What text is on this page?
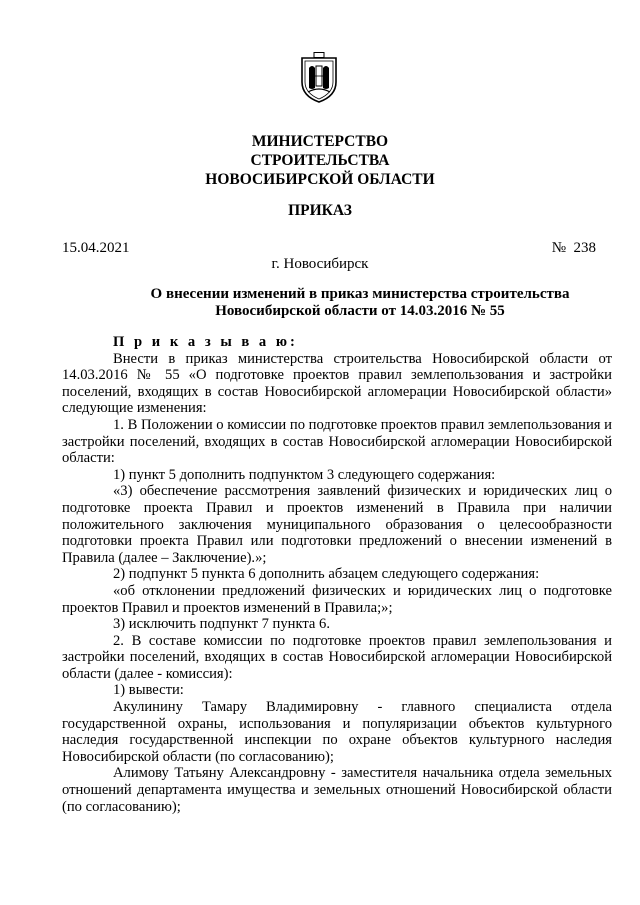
МИНИСТЕРСТВО
СТРОИТЕЛЬСТВА
НОВОСИБИРСКОЙ ОБЛАСТИ
ПРИКАЗ
15.04.2021	№  238
г. Новосибирск
О внесении изменений в приказ министерства строительства
Новосибирской области от 14.03.2016 № 55

П р и к а з ы в а ю:

Внести в приказ министерства строительства Новосибирской области от 14.03.2016 № 55 «О подготовке проектов правил землепользования и застройки поселений, входящих в состав Новосибирской агломерации Новосибирской области» следующие изменения:

1. В Положении о комиссии по подготовке проектов правил землепользования и застройки поселений, входящих в состав Новосибирской агломерации Новосибирской области:

1) пункт 5 дополнить подпунктом 3 следующего содержания:

«3) обеспечение рассмотрения заявлений физических и юридических лиц о подготовке проекта Правил и проектов изменений в Правила при наличии положительного заключения муниципального образования о целесообразности подготовки проекта Правил или подготовки предложений о внесении изменений в Правила (далее – Заключение).»;

2) подпункт 5 пункта 6 дополнить абзацем следующего содержания:

«об отклонении предложений физических и юридических лиц о подготовке проектов Правил и проектов изменений в Правила;»;

3) исключить подпункт 7 пункта 6.

2. В составе комиссии по подготовке проектов правил землепользования и застройки поселений, входящих в состав Новосибирской агломерации Новосибирской области (далее - комиссия):

1) вывести:

Акулинину Тамару Владимировну - главного специалиста отдела государственной охраны, использования и популяризации объектов культурного наследия государственной инспекции по охране объектов культурного наследия Новосибирской области (по согласованию);

Алимову Татьяну Александровну - заместителя начальника отдела земельных отношений департамента имущества и земельных отношений Новосибирской области (по согласованию);
